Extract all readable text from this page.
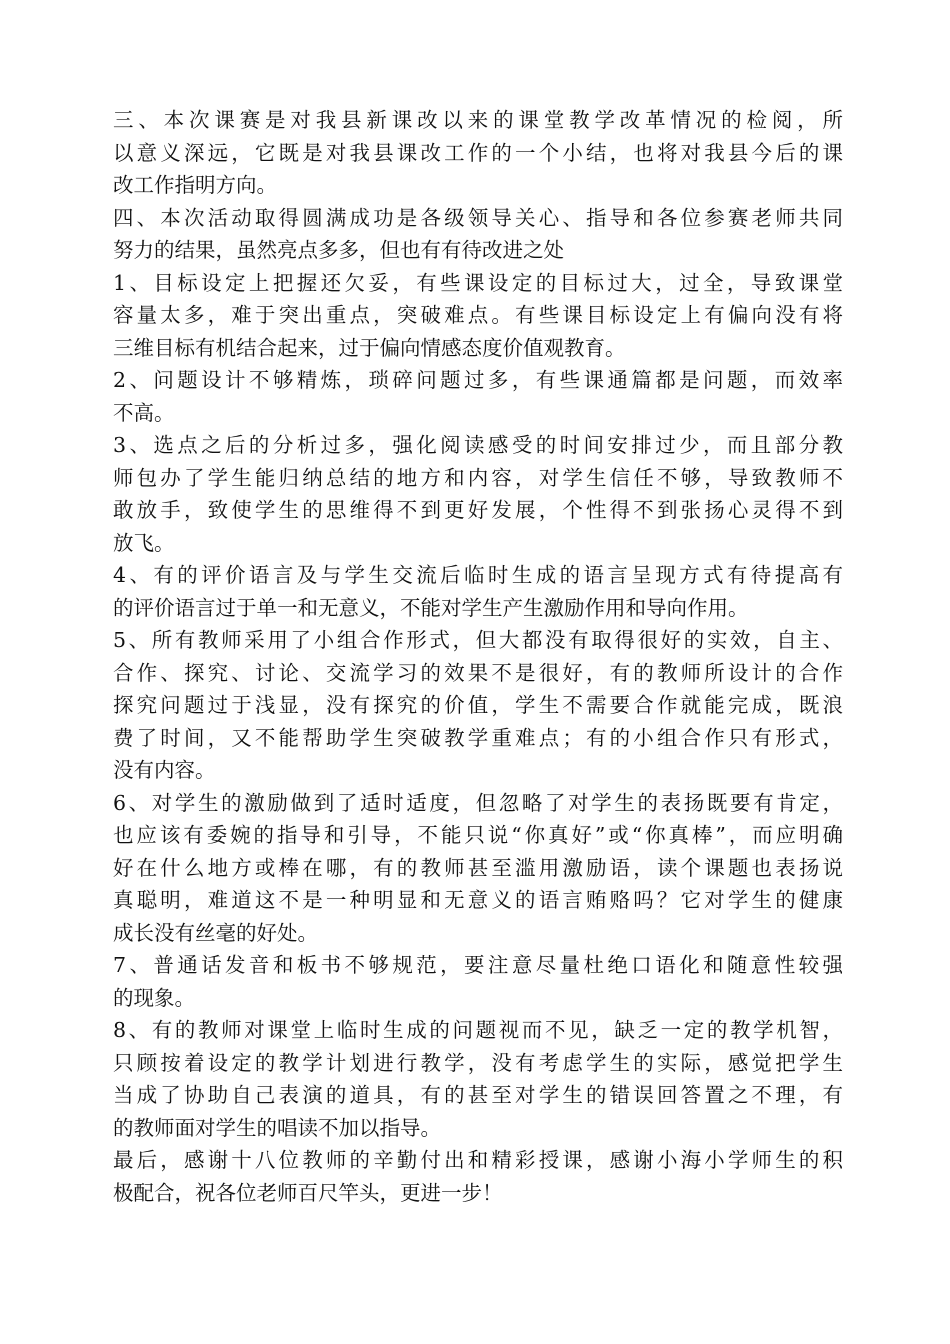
三、本次课赛是对我县新课改以来的课堂教学改革情况的检阅，所
以意义深远，它既是对我县课改工作的一个小结，也将对我县今后的课
改工作指明方向。

四、本次活动取得圆满成功是各级领导关心、指导和各位参赛老师共同
努力的结果，虽然亮点多多，但也有有待改进之处

1、目标设定上把握还欠妥，有些课设定的目标过大，过全，导致课堂
容量太多，难于突出重点，突破难点。有些课目标设定上有偏向没有将
三维目标有机结合起来，过于偏向情感态度价值观教育。

2、问题设计不够精炼，琐碎问题过多，有些课通篇都是问题，而效率
不高。

3、选点之后的分析过多，强化阅读感受的时间安排过少，而且部分教
师包办了学生能归纳总结的地方和内容，对学生信任不够，导致教师不
敢放手，致使学生的思维得不到更好发展，个性得不到张扬心灵得不到
放飞。

4、有的评价语言及与学生交流后临时生成的语言呈现方式有待提高有
的评价语言过于单一和无意义，不能对学生产生激励作用和导向作用。

5、所有教师采用了小组合作形式，但大都没有取得很好的实效，自主、
合作、探究、讨论、交流学习的效果不是很好，有的教师所设计的合作
探究问题过于浅显，没有探究的价值，学生不需要合作就能完成，既浪
费了时间，又不能帮助学生突破教学重难点；有的小组合作只有形式，
没有内容。

6、对学生的激励做到了适时适度，但忽略了对学生的表扬既要有肯定，
也应该有委婉的指导和引导，不能只说“你真好”或“你真棒”，而应明确
好在什么地方或棒在哪，有的教师甚至滥用激励语，读个课题也表扬说
真聪明，难道这不是一种明显和无意义的语言贿赂吗？它对学生的健康
成长没有丝毫的好处。

7、普通话发音和板书不够规范，要注意尽量杜绝口语化和随意性较强
的现象。

8、有的教师对课堂上临时生成的问题视而不见，缺乏一定的教学机智，
只顾按着设定的教学计划进行教学，没有考虑学生的实际，感觉把学生
当成了协助自己表演的道具，有的甚至对学生的错误回答置之不理，有
的教师面对学生的唱读不加以指导。

最后，感谢十八位教师的辛勤付出和精彩授课，感谢小海小学师生的积
极配合，祝各位老师百尺竿头，更进一步！
